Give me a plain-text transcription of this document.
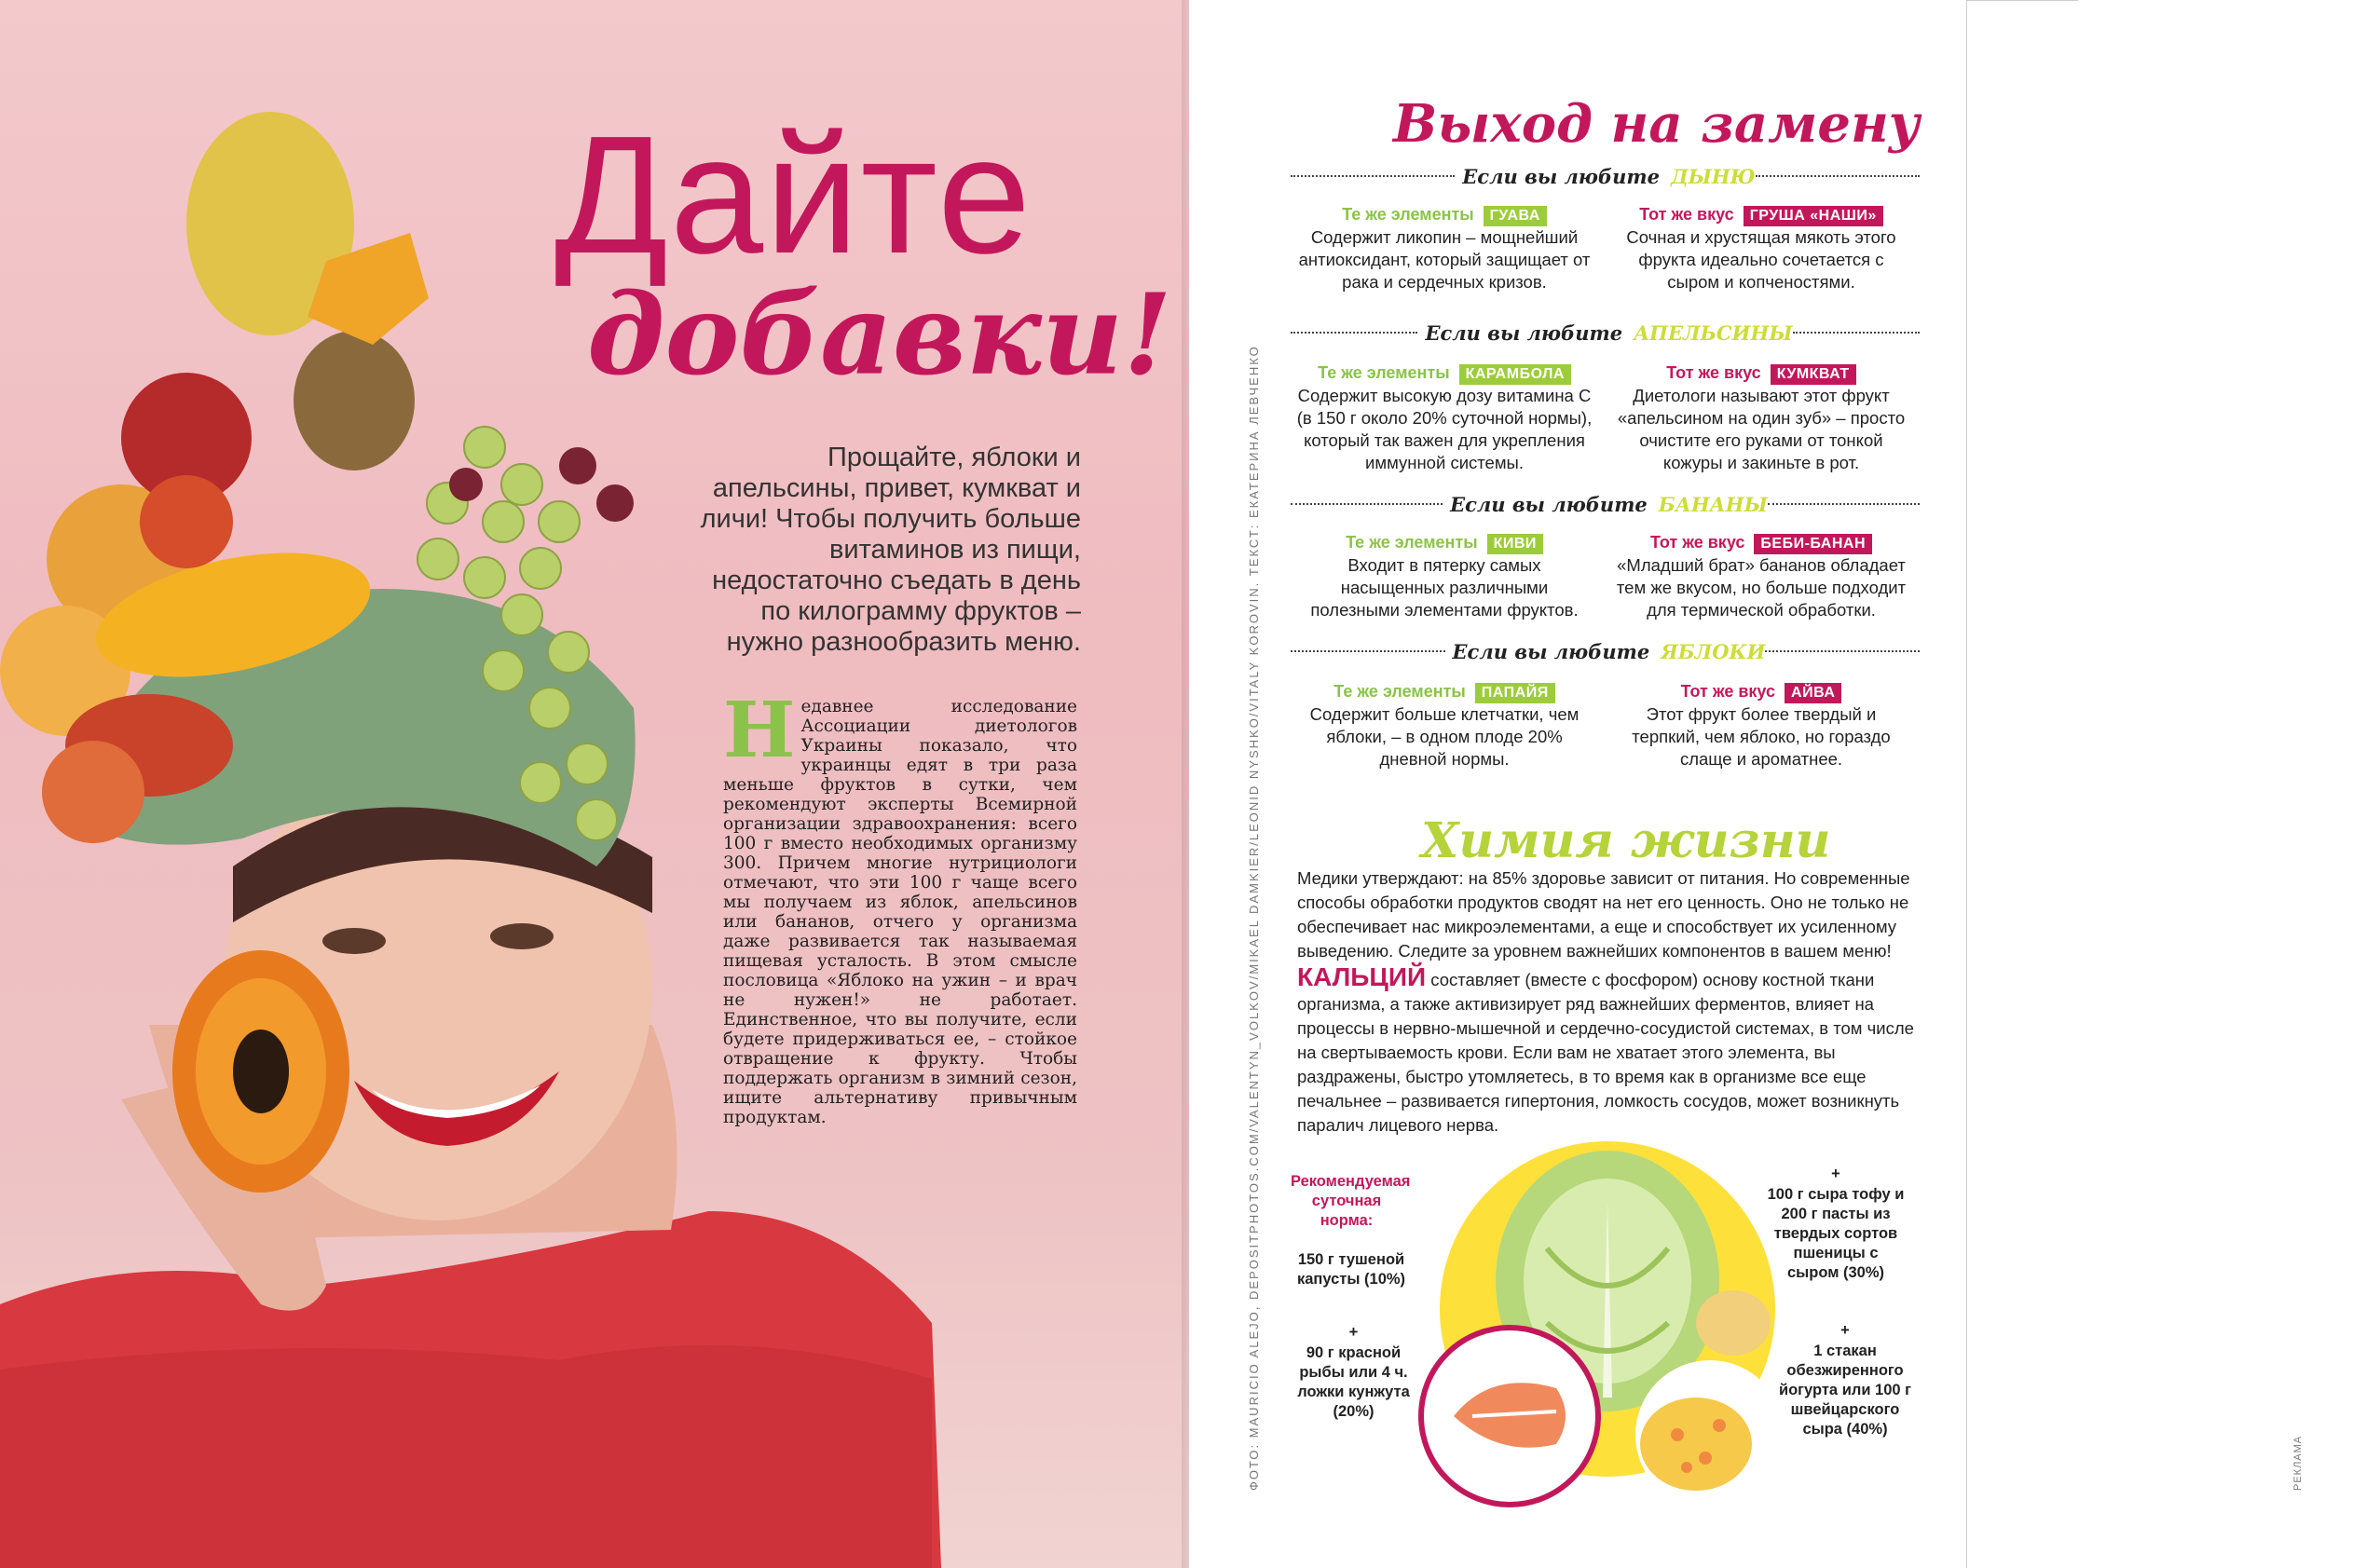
Дайте
добавки!
Прощайте, яблоки и апельсины, привет, кумкват и личи! Чтобы получить больше витаминов из пищи, недостаточно съедать в день по килограмму фруктов – нужно разнообразить меню.
Недавнее исследование Ассоциации диетологов Украины показало, что украинцы едят в три раза меньше фруктов в сутки, чем рекомендуют эксперты Всемирной организации здравоохранения: всего 100 г вместо необходимых организму 300. Причем многие нутрициологи отмечают, что эти 100 г чаще всего мы получаем из яблок, апельсинов или бананов, отчего у организма даже развивается так называемая пищевая усталость. В этом смысле пословица «Яблоко на ужин – и врач не нужен!» не работает. Единственное, что вы получите, если будете придерживаться ее, – стойкое отвращение к фрукту. Чтобы поддержать организм в зимний сезон, ищите альтернативу привычным продуктам.	ФОТО: MAURICIO ALEJO, DEPOSITPHOTOS.COM/VALENTYN_VOLKOV/MIKAEL DAMKIER/LEONID NYSHKO/VITALY KOROVIN. ТЕКСТ: ЕКАТЕРИНА ЛЕВЧЕНКО	РЕКЛАМА
Выход на замену
Если вы любите ДЫНЮ
Те же элементы ГУАВА
Содержит ликопин – мощнейший антиоксидант, который защищает от рака и сердечных кризов.
Тот же вкус ГРУША «НАШИ»
Сочная и хрустящая мякоть этого фрукта идеально сочетается с сыром и копченостями.
Если вы любите АПЕЛЬСИНЫ
Те же элементы КАРАМБОЛА
Содержит высокую дозу витамина C (в 150 г около 20% суточной нормы), который так важен для укрепления иммунной системы.
Тот же вкус КУМКВАТ
Диетологи называют этот фрукт «апельсином на один зуб» – просто очистите его руками от тонкой кожуры и закиньте в рот.
Если вы любите БАНАНЫ
Те же элементы КИВИ
Входит в пятерку самых насыщенных различными полезными элементами фруктов.
Тот же вкус БЕБИ-БАНАН
«Младший брат» бананов обладает тем же вкусом, но больше подходит для термической обработки.
Если вы любите ЯБЛОКИ
Те же элементы ПАПАЙЯ
Содержит больше клетчатки, чем яблоки, – в одном плоде 20% дневной нормы.
Тот же вкус АЙВА
Этот фрукт более твердый и терпкий, чем яблоко, но гораздо слаще и ароматнее.
Химия жизни
Медики утверждают: на 85% здоровье зависит от питания. Но современные способы обработки продуктов сводят на нет его ценность. Оно не только не обеспечивает нас микроэлементами, а еще и способствует их усиленному выведению. Следите за уровнем важнейших компонентов в вашем меню!
КАЛЬЦИЙ составляет (вместе с фосфором) основу костной ткани организма, а также активизирует ряд важнейших ферментов, влияет на процессы в нервно-мышечной и сердечно-сосудистой системах, в том числе на свертываемость крови. Если вам не хватает этого элемента, вы раздражены, быстро утомляетесь, в то время как в организме все еще печальнее – развивается гипертония, ломкость сосудов, может возникнуть паралич лицевого нерва.
Рекомендуемая суточная норма:
150 г тушеной капусты (10%)
+
90 г красной рыбы или 4 ч. ложки кунжута (20%)
+
100 г сыра тофу и 200 г пасты из твердых сортов пшеницы с сыром (30%)
+
1 стакан обезжиренного йогурта или 100 г швейцарского сыра (40%)
